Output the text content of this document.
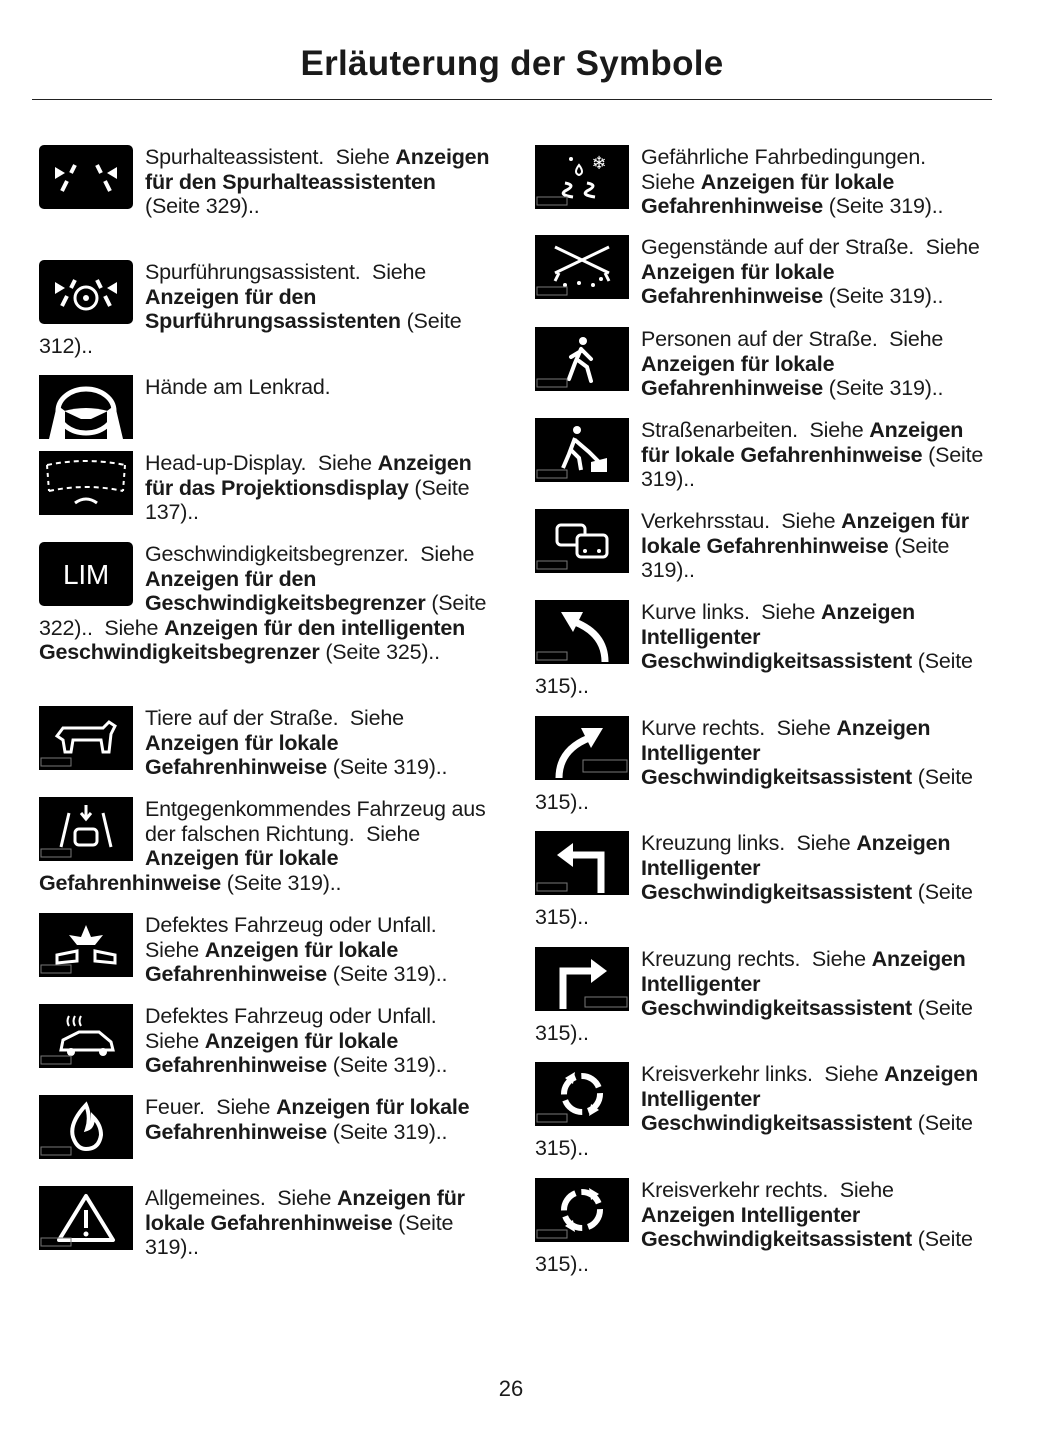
Erläuterung der Symbole
Spurhalteassistent.  Siehe Anzeigen für den Spurhalteassistenten (Seite 329)..
Spurführungsassistent.  Siehe Anzeigen für den Spurführungsassistenten (Seite 312)..
Hände am Lenkrad.
Head-up-Display.  Siehe Anzeigen für das Projektionsdisplay (Seite 137)..
LIM
Geschwindigkeitsbegrenzer.  Siehe Anzeigen für den Geschwindigkeitsbegrenzer (Seite 322)..  Siehe Anzeigen für den intelligenten Geschwindigkeitsbegrenzer (Seite 325)..
Tiere auf der Straße.  Siehe Anzeigen für lokale Gefahrenhinweise (Seite 319)..
Entgegenkommendes Fahrzeug aus der falschen Richtung.  Siehe Anzeigen für lokale Gefahrenhinweise (Seite 319)..
Defektes Fahrzeug oder Unfall.  Siehe Anzeigen für lokale Gefahrenhinweise (Seite 319)..
Defektes Fahrzeug oder Unfall.  Siehe Anzeigen für lokale Gefahrenhinweise (Seite 319)..
Feuer.  Siehe Anzeigen für lokale Gefahrenhinweise (Seite 319)..
Allgemeines.  Siehe Anzeigen für lokale Gefahrenhinweise (Seite 319)..
❄ Gefährliche Fahrbedingungen.  Siehe Anzeigen für lokale Gefahrenhinweise (Seite 319)..
Gegenstände auf der Straße.  Siehe Anzeigen für lokale Gefahrenhinweise (Seite 319)..
Personen auf der Straße.  Siehe Anzeigen für lokale Gefahrenhinweise (Seite 319)..
Straßenarbeiten.  Siehe Anzeigen für lokale Gefahrenhinweise (Seite 319)..
Verkehrsstau.  Siehe Anzeigen für lokale Gefahrenhinweise (Seite 319)..
Kurve links.  Siehe Anzeigen Intelligenter Geschwindigkeitsassistent (Seite 315)..
Kurve rechts.  Siehe Anzeigen Intelligenter Geschwindigkeitsassistent (Seite 315)..
Kreuzung links.  Siehe Anzeigen Intelligenter Geschwindigkeitsassistent (Seite 315)..
Kreuzung rechts.  Siehe Anzeigen Intelligenter Geschwindigkeitsassistent (Seite 315)..
Kreisverkehr links.  Siehe Anzeigen Intelligenter Geschwindigkeitsassistent (Seite 315)..
Kreisverkehr rechts.  Siehe Anzeigen Intelligenter Geschwindigkeitsassistent (Seite 315)..
26
